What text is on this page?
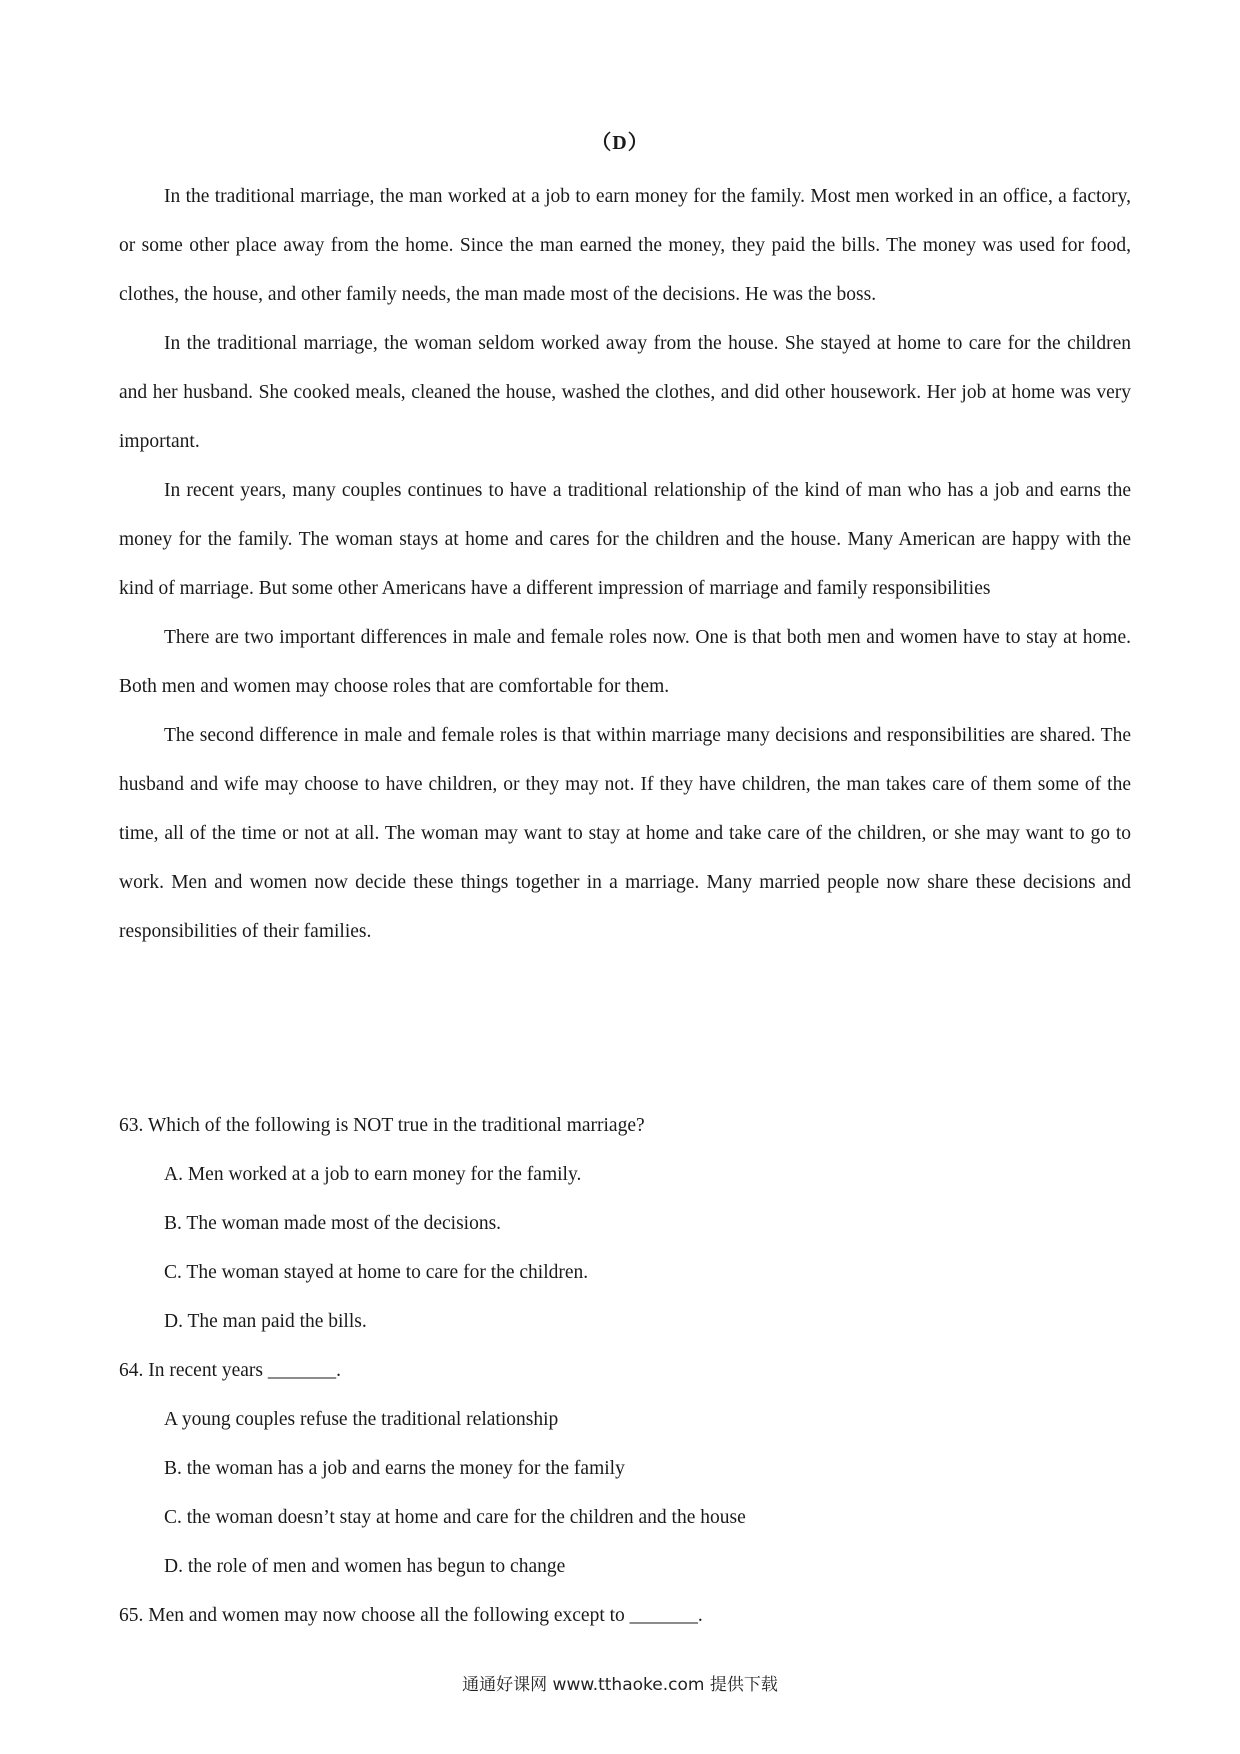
（D）

In the traditional marriage, the man worked at a job to earn money for the family. Most men worked in an office, a factory, or some other place away from the home. Since the man earned the money, they paid the bills. The money was used for food, clothes, the house, and other family needs, the man made most of the decisions. He was the boss.

In the traditional marriage, the woman seldom worked away from the house. She stayed at home to care for the children and her husband. She cooked meals, cleaned the house, washed the clothes, and did other housework. Her job at home was very important.

In recent years, many couples continues to have a traditional relationship of the kind of man who has a job and earns the money for the family. The woman stays at home and cares for the children and the house. Many American are happy with the kind of marriage. But some other Americans have a different impression of marriage and family responsibilities

There are two important differences in male and female roles now. One is that both men and women have to stay at home. Both men and women may choose roles that are comfortable for them.

The second difference in male and female roles is that within marriage many decisions and responsibilities are shared. The husband and wife may choose to have children, or they may not. If they have children, the man takes care of them some of the time, all of the time or not at all. The woman may want to stay at home and take care of the children, or she may want to go to work. Men and women now decide these things together in a marriage. Many married people now share these decisions and responsibilities of their families.

63. Which of the following is NOT true in the traditional marriage?

A. Men worked at a job to earn money for the family.

B. The woman made most of the decisions.

C. The woman stayed at home to care for the children.

D. The man paid the bills.

64. In recent years _______.

A young couples refuse the traditional relationship

B. the woman has a job and earns the money for the family

C. the woman doesn’t stay at home and care for the children and the house

D. the role of men and women has begun to change

65. Men and women may now choose all the following except to _______.

通通好课网 www.tthaoke.com 提供下载
